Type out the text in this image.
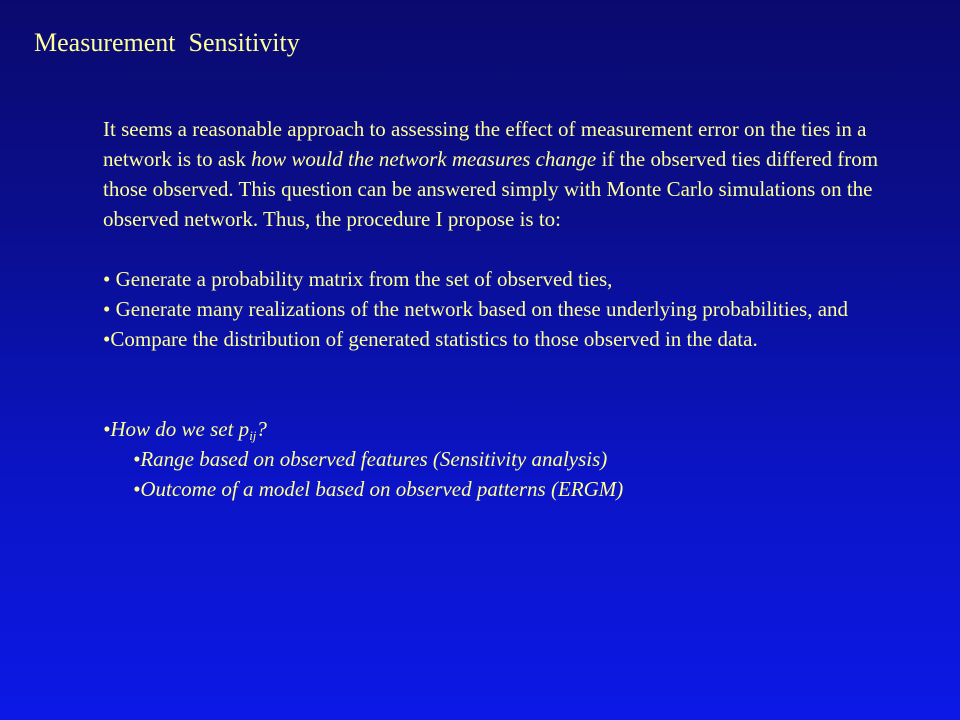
Measurement  Sensitivity

It seems a reasonable approach to assessing the effect of measurement error on the ties in a network is to ask how would the network measures change if the observed ties differed from those observed. This question can be answered simply with Monte Carlo simulations on the observed network. Thus, the procedure I propose is to:

• Generate a probability matrix from the set of observed ties,

• Generate many realizations of the network based on these underlying probabilities, and

•Compare the distribution of generated statistics to those observed in the data.

•How do we set $p_{ij}$?

•Range based on observed features (Sensitivity analysis)

•Outcome of a model based on observed patterns (ERGM)
